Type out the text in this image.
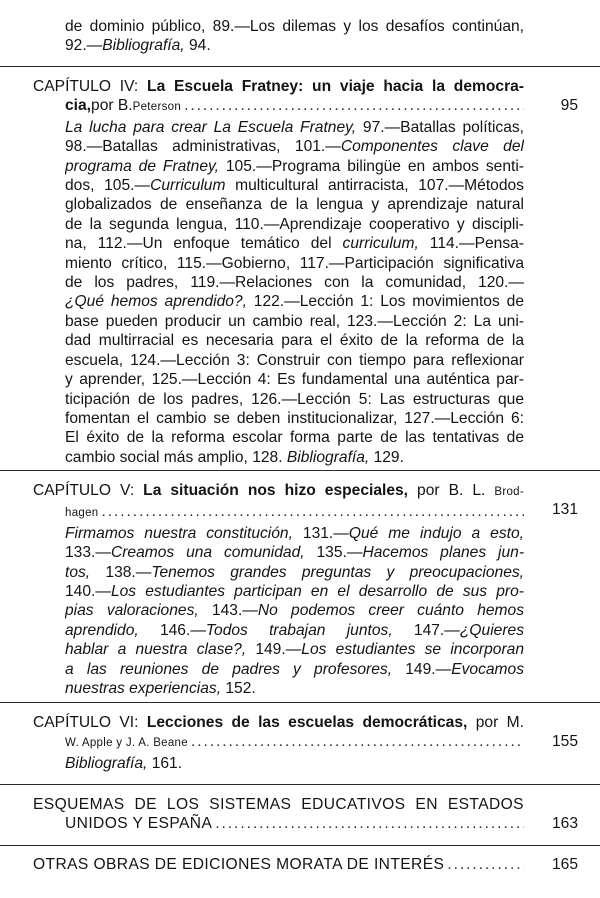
de dominio público, 89.—Los dilemas y los desafíos continúan,
92.—Bibliografía, 94.
CAPÍTULO IV: La Escuela Fratney: un viaje hacia la democra-
cia, por B. Peterson
. . .
La lucha para crear La Escuela Fratney, 97.—Batallas políticas,
98.—Batallas administrativas, 101.—Componentes clave del
programa de Fratney, 105.—Programa bilingüe en ambos senti-
dos, 105.—Curriculum multicultural antirracista, 107.—Métodos
globalizados de enseñanza de la lengua y aprendizaje natural
de la segunda lengua, 110.—Aprendizaje cooperativo y discipli-
na, 112.—Un enfoque temático del curriculum, 114.—Pensa-
miento crítico, 115.—Gobierno, 117.—Participación significativa
de los padres, 119.—Relaciones con la comunidad, 120.—
¿Qué hemos aprendido?, 122.—Lección 1: Los movimientos de
base pueden producir un cambio real, 123.—Lección 2: La uni-
dad multirracial es necesaria para el éxito de la reforma de la
escuela, 124.—Lección 3: Construir con tiempo para reflexionar
y aprender, 125.—Lección 4: Es fundamental una auténtica par-
ticipación de los padres, 126.—Lección 5: Las estructuras que
fomentan el cambio se deben institucionalizar, 127.—Lección 6:
El éxito de la reforma escolar forma parte de las tentativas de
cambio social más amplio, 128. Bibliografía, 129.
95
CAPÍTULO V: La situación nos hizo especiales, por B. L. Brod-
hagen
. . .
Firmamos nuestra constitución, 131.—Qué me indujo a esto,
133.—Creamos una comunidad, 135.—Hacemos planes jun-
tos, 138.—Tenemos grandes preguntas y preocupaciones,
140.—Los estudiantes participan en el desarrollo de sus pro-
pias valoraciones, 143.—No podemos creer cuánto hemos
aprendido, 146.—Todos trabajan juntos, 147.—¿Quieres
hablar a nuestra clase?, 149.—Los estudiantes se incorporan
a las reuniones de padres y profesores, 149.—Evocamos
nuestras experiencias, 152.
131
CAPÍTULO VI: Lecciones de las escuelas democráticas, por M.
W. Apple y J. A. Beane
. . .
Bibliografía, 161.
155
ESQUEMAS DE LOS SISTEMAS EDUCATIVOS EN ESTADOS
UNIDOS Y ESPAÑA . . .	163
OTRAS OBRAS DE EDICIONES MORATA DE INTERÉS . . .	165
